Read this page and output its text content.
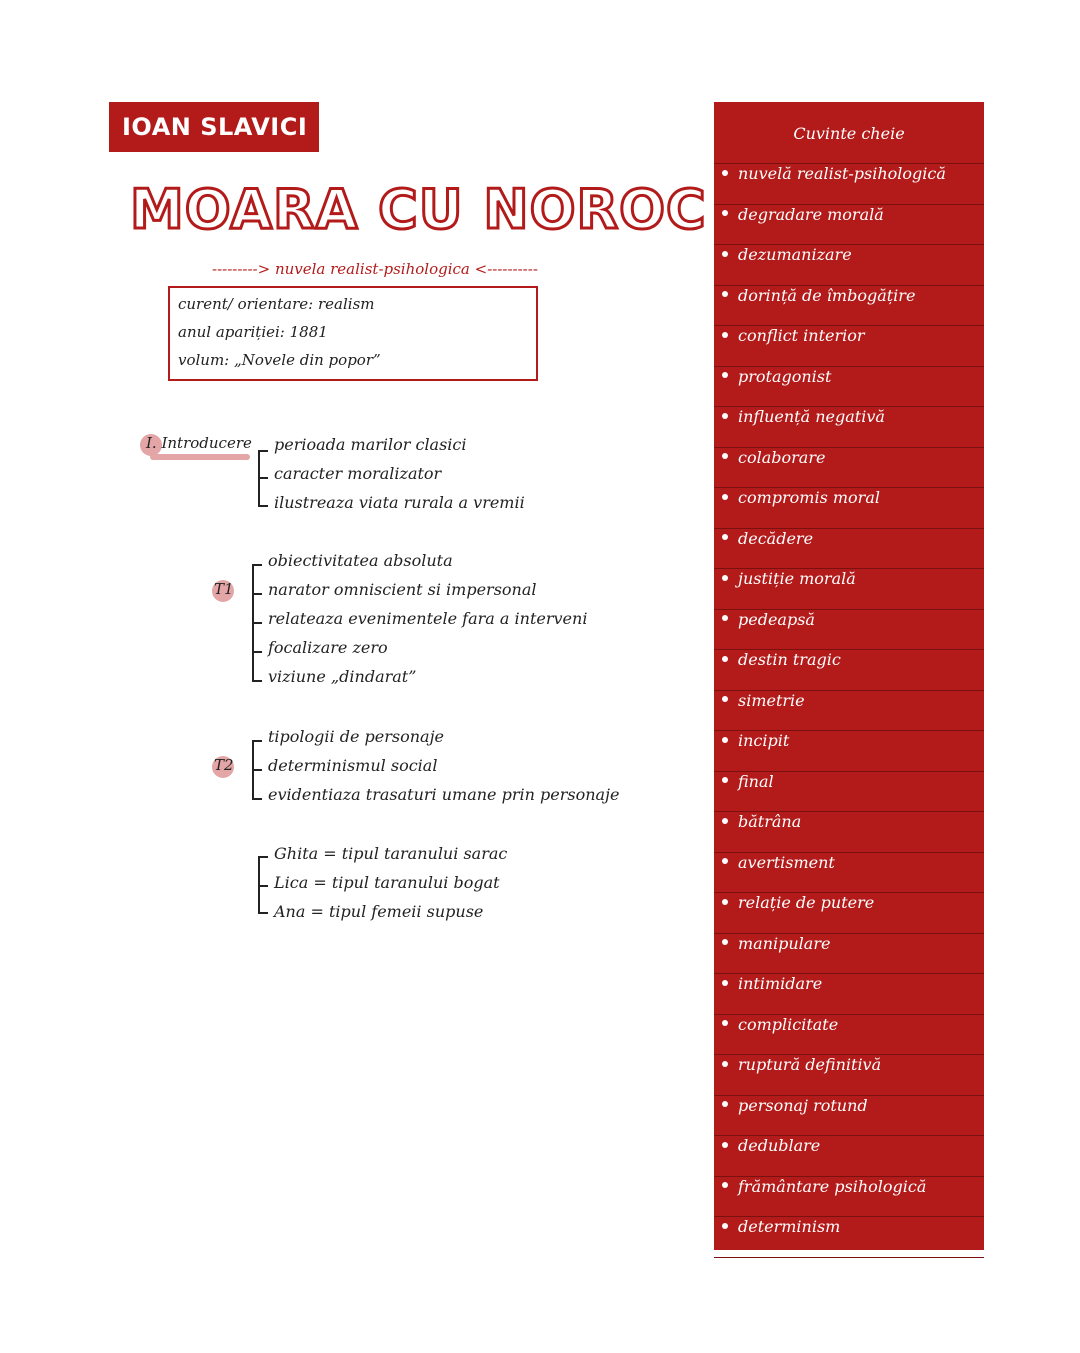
IOAN SLAVICI
MOARA CU NOROC
---------> nuvela realist-psihologica <----------
curent/ orientare: realism
anul apariției: 1881
volum: „Novele din popor”
I. Introducere perioada marilor clasici
caracter moralizator
ilustreaza viata rurala a vremii
T1
obiectivitatea absoluta
narator omniscient si impersonal
relateaza evenimentele fara a interveni
focalizare zero
viziune „dindarat”
T2
tipologii de personaje
determinismul social
evidentiaza trasaturi umane prin personaje
Ghita = tipul taranului sarac
Lica = tipul taranului bogat
Ana = tipul femeii supuse
Cuvinte cheie
nuvelă realist-psihologică
degradare morală
dezumanizare
dorință de îmbogățire
conflict interior
protagonist
influență negativă
colaborare
compromis moral
decădere
justiție morală
pedeapsă
destin tragic
simetrie
incipit
final
bătrâna
avertisment
relație de putere
manipulare
intimidare
complicitate
ruptură definitivă
personaj rotund
dedublare
frământare psihologică
determinism
